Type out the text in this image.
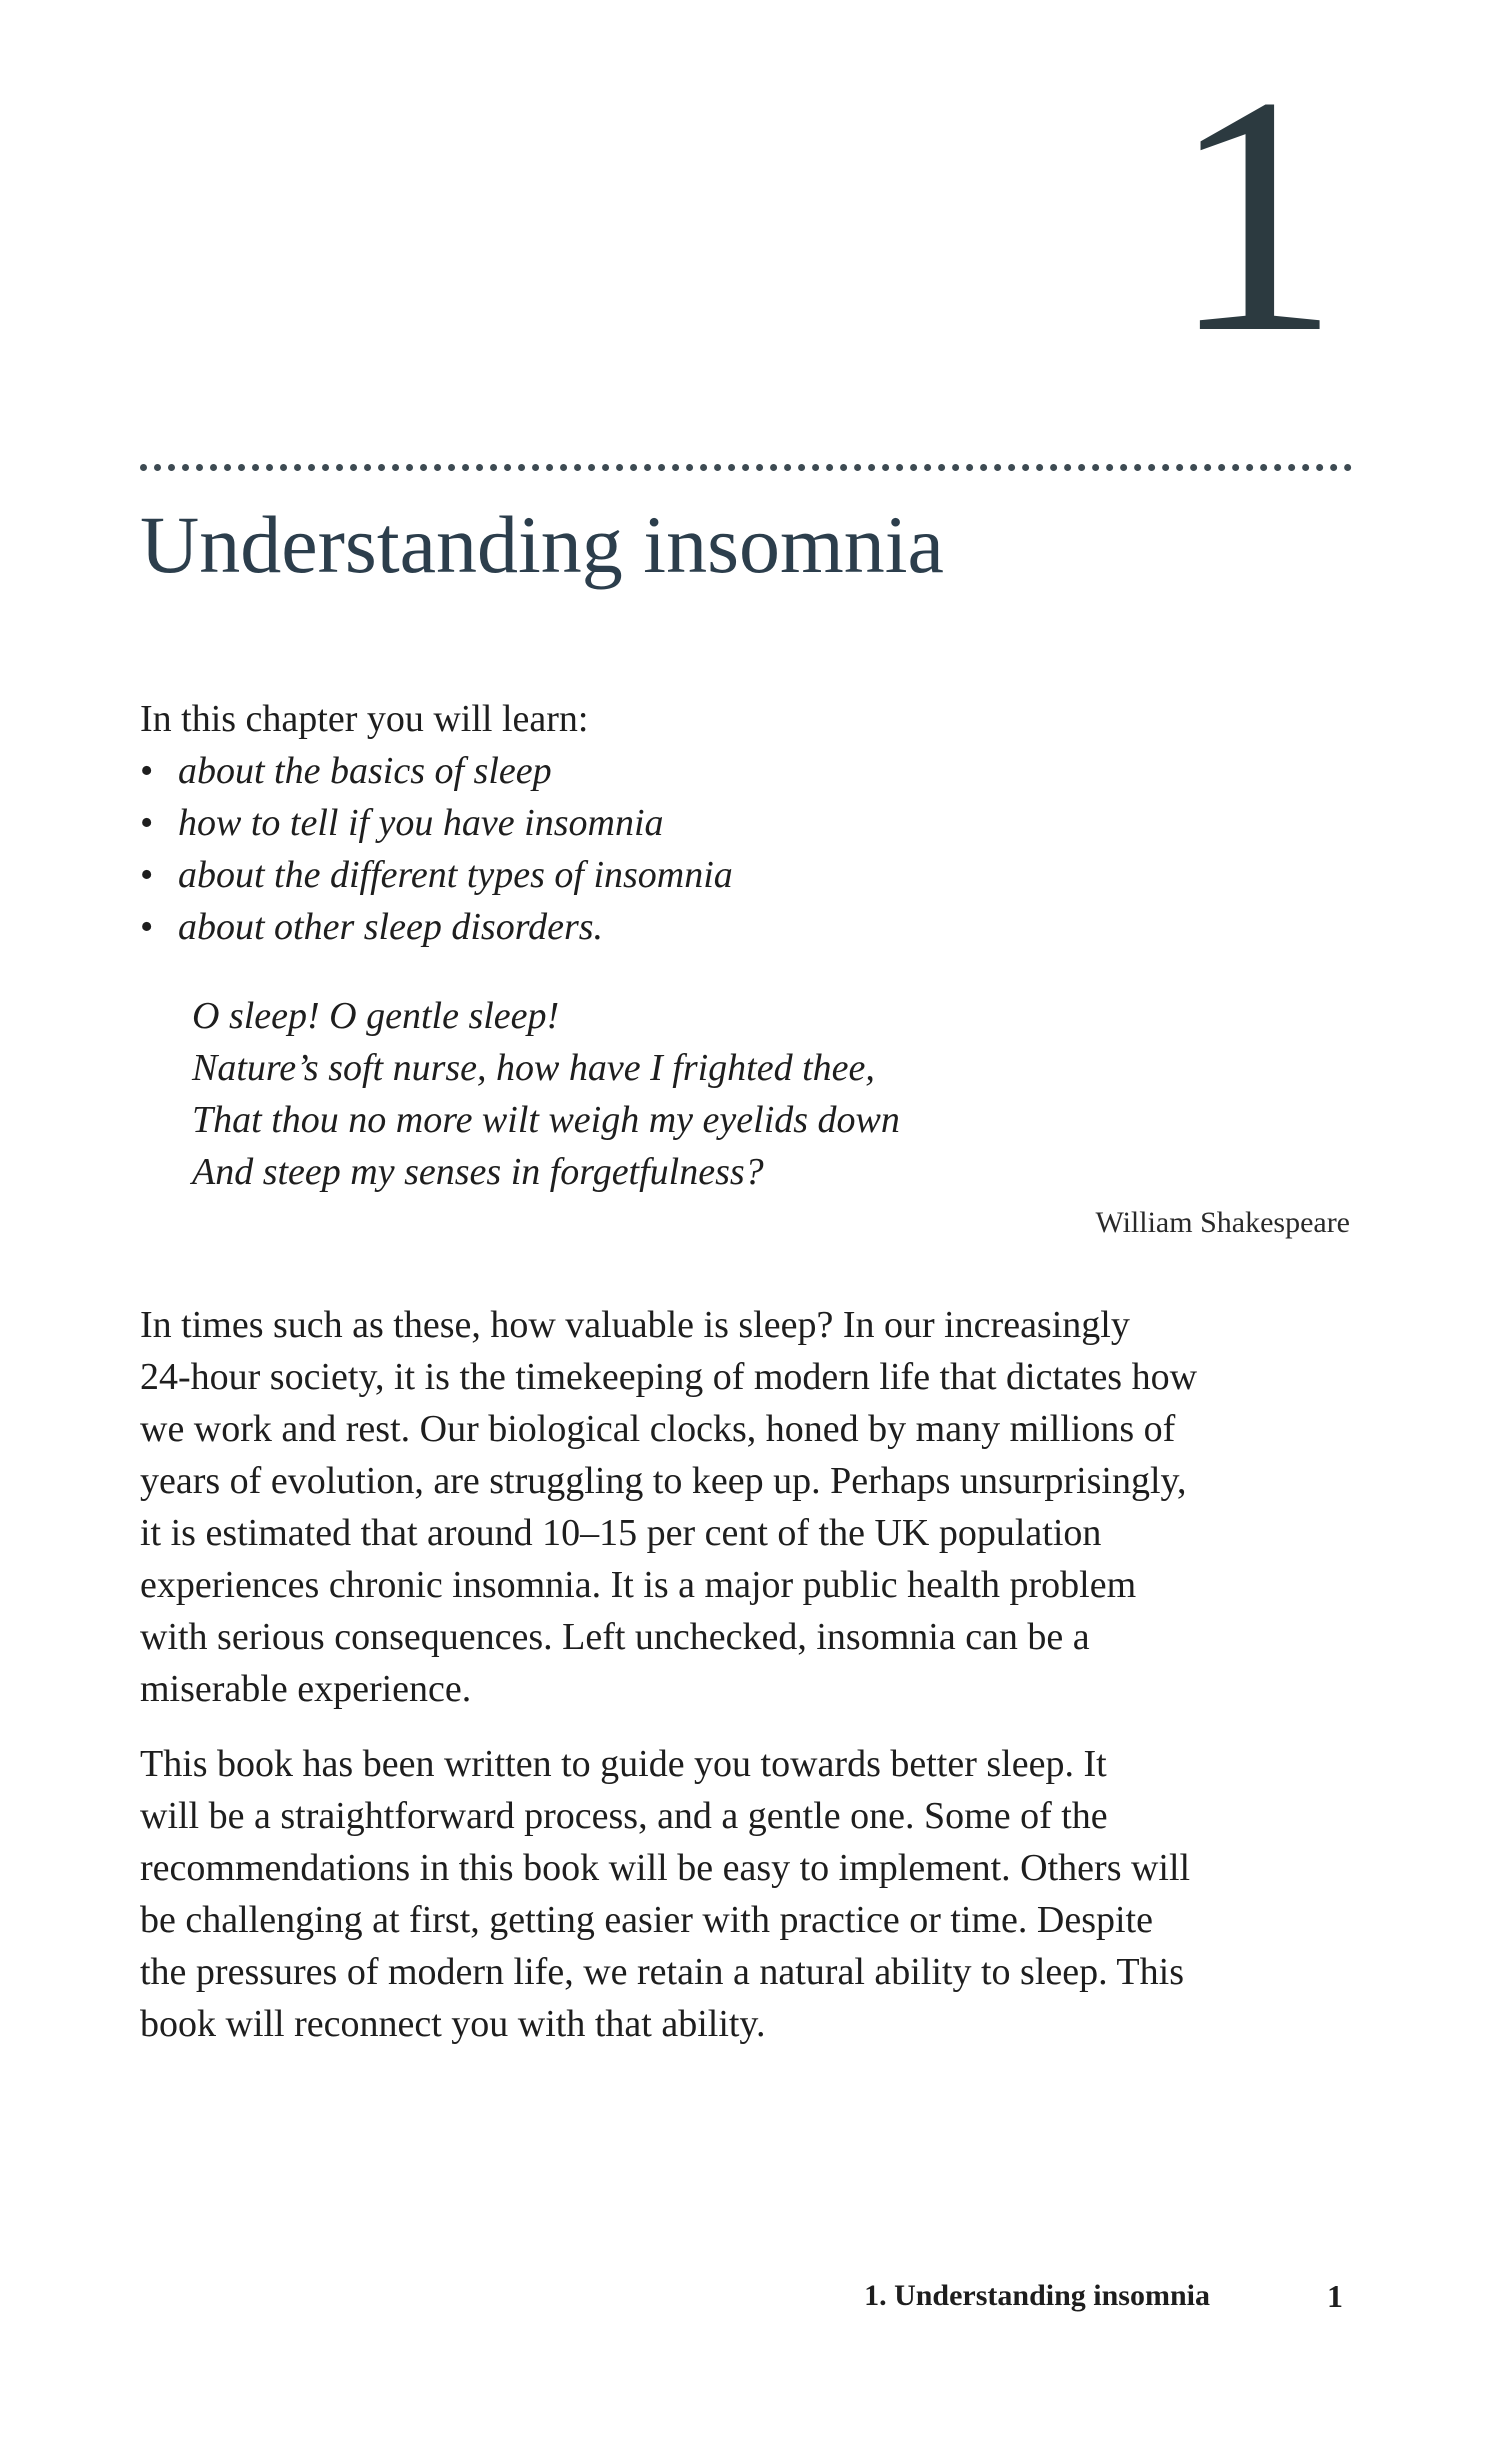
1
Understanding insomnia

In this chapter you will learn:

• about the basics of sleep
• how to tell if you have insomnia
• about the different types of insomnia
• about other sleep disorders.
O sleep! O gentle sleep!
Nature’s soft nurse, how have I frighted thee,
That thou no more wilt weigh my eyelids down
And steep my senses in forgetfulness?
William Shakespeare
In times such as these, how valuable is sleep? In our increasingly
24-hour society, it is the timekeeping of modern life that dictates how
we work and rest. Our biological clocks, honed by many millions of
years of evolution, are struggling to keep up. Perhaps unsurprisingly,
it is estimated that around 10–15 per cent of the UK population
experiences chronic insomnia. It is a major public health problem
with serious consequences. Left unchecked, insomnia can be a
miserable experience.
This book has been written to guide you towards better sleep. It
will be a straightforward process, and a gentle one. Some of the
recommendations in this book will be easy to implement. Others will
be challenging at first, getting easier with practice or time. Despite
the pressures of modern life, we retain a natural ability to sleep. This
book will reconnect you with that ability.
1. Understanding insomnia	1
